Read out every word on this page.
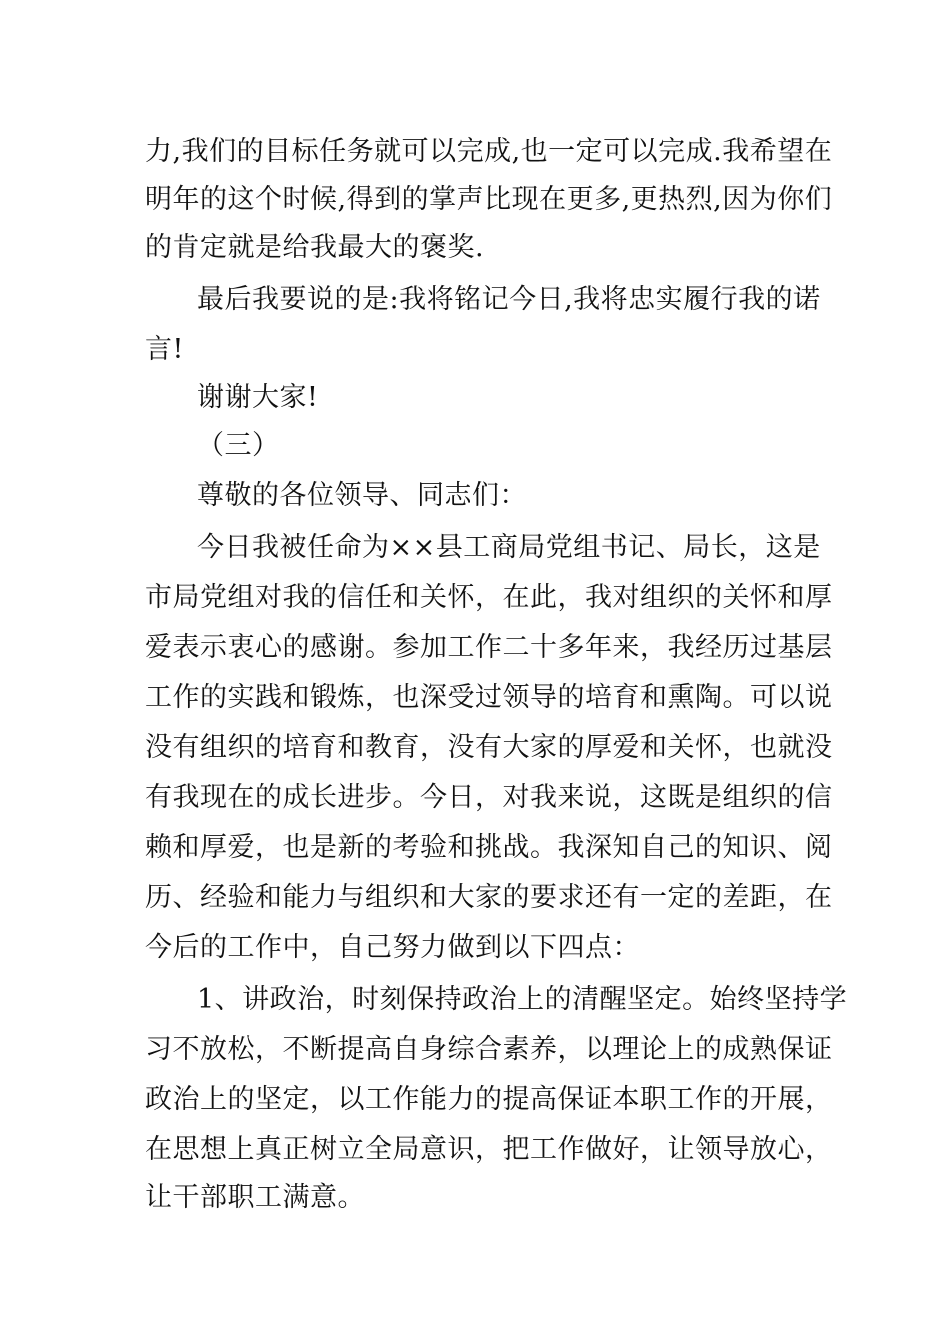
力,我们的目标任务就可以完成,也一定可以完成.我希望在
明年的这个时候,得到的掌声比现在更多,更热烈,因为你们
的肯定就是给我最大的褒奖.
最后我要说的是:我将铭记今日,我将忠实履行我的诺
言!
谢谢大家!
（三）
尊敬的各位领导、同志们：
今日我被任命为××县工商局党组书记、局长，这是
市局党组对我的信任和关怀，在此，我对组织的关怀和厚
爱表示衷心的感谢。参加工作二十多年来，我经历过基层
工作的实践和锻炼，也深受过领导的培育和熏陶。可以说
没有组织的培育和教育，没有大家的厚爱和关怀，也就没
有我现在的成长进步。今日，对我来说，这既是组织的信
赖和厚爱，也是新的考验和挑战。我深知自己的知识、阅
历、经验和能力与组织和大家的要求还有一定的差距，在
今后的工作中，自己努力做到以下四点：
1、讲政治，时刻保持政治上的清醒坚定。始终坚持学
习不放松，不断提高自身综合素养，以理论上的成熟保证
政治上的坚定，以工作能力的提高保证本职工作的开展，
在思想上真正树立全局意识，把工作做好，让领导放心，
让干部职工满意。
